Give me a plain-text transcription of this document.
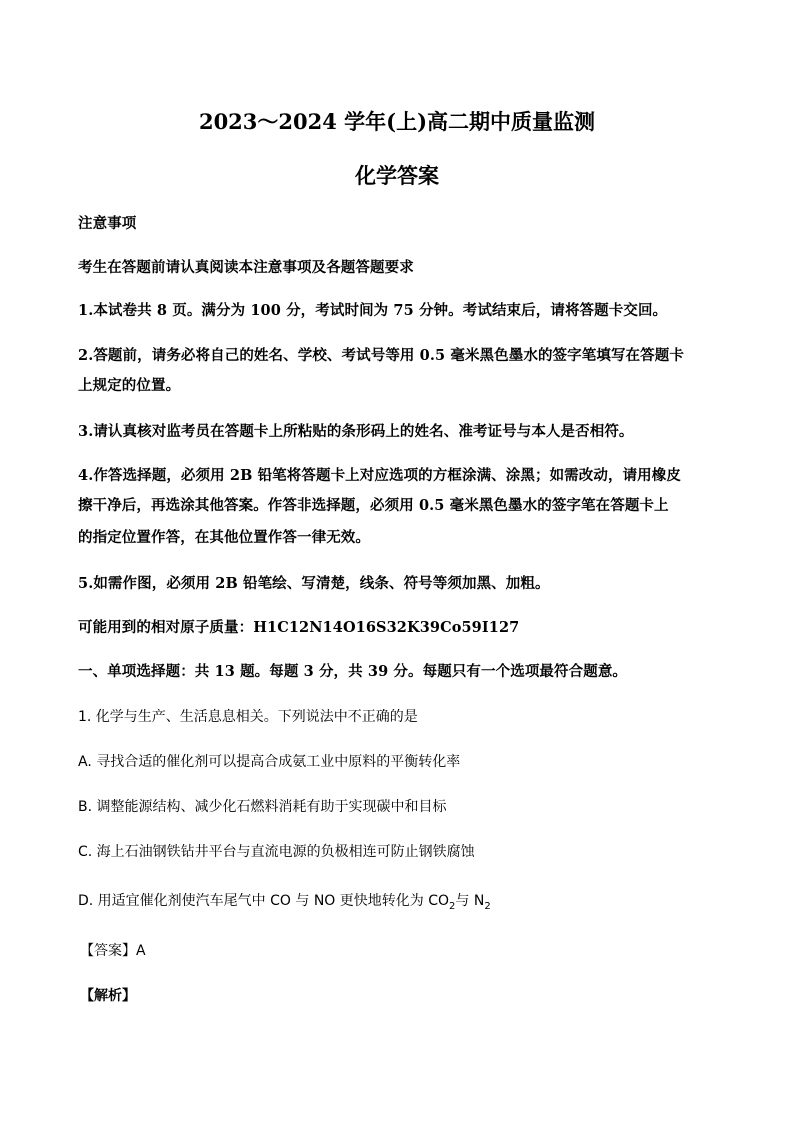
2023～2024 学年(上)高二期中质量监测
化学答案
注意事项
考生在答题前请认真阅读本注意事项及各题答题要求
1.本试卷共 8 页。满分为 100 分，考试时间为 75 分钟。考试结束后，请将答题卡交回。
2.答题前，请务必将自己的姓名、学校、考试号等用 0.5 毫米黑色墨水的签字笔填写在答题卡
上规定的位置。
3.请认真核对监考员在答题卡上所粘贴的条形码上的姓名、准考证号与本人是否相符。
4.作答选择题，必须用 2B 铅笔将答题卡上对应选项的方框涂满、涂黑；如需改动，请用橡皮
擦干净后，再选涂其他答案。作答非选择题，必须用 0.5 毫米黑色墨水的签字笔在答题卡上
的指定位置作答，在其他位置作答一律无效。
5.如需作图，必须用 2B 铅笔绘、写清楚，线条、符号等须加黑、加粗。
可能用到的相对原子质量：H1C12N14O16S32K39Co59I127
一、单项选择题：共 13 题。每题 3 分，共 39 分。每题只有一个选项最符合题意。
1. 化学与生产、生活息息相关。下列说法中不正确的是
A. 寻找合适的催化剂可以提高合成氨工业中原料的平衡转化率
B. 调整能源结构、减少化石燃料消耗有助于实现碳中和目标
C. 海上石油钢铁钻井平台与直流电源的负极相连可防止钢铁腐蚀
D. 用适宜催化剂使汽车尾气中 CO 与 NO 更快地转化为 $CO_2$与 $N_2$
【答案】A
【解析】
